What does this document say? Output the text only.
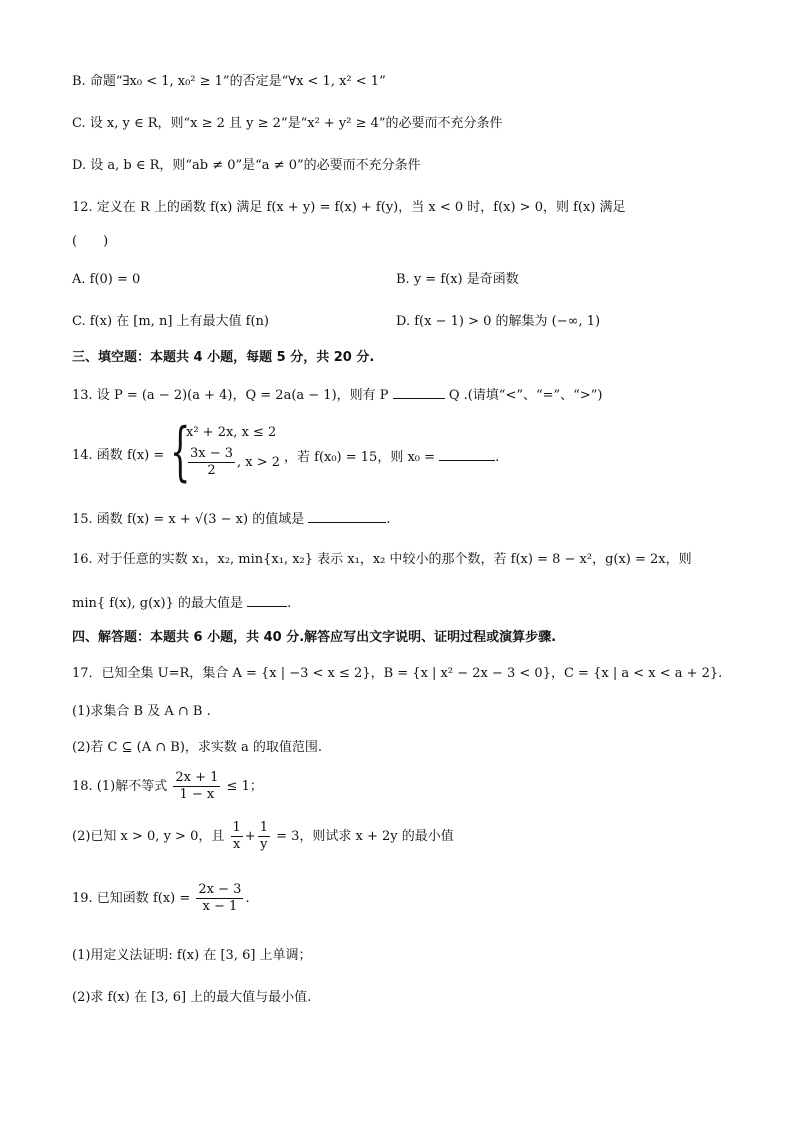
B. 命题“∃x₀ < 1, x₀² ≥ 1”的否定是“∀x < 1, x² < 1”
C. 设 x, y ∈ R，则“x ≥ 2 且 y ≥ 2”是“x² + y² ≥ 4”的必要而不充分条件
D. 设 a, b ∈ R，则“ab ≠ 0”是“a ≠ 0”的必要而不充分条件
12. 定义在 R 上的函数 f(x) 满足 f(x + y) = f(x) + f(y)，当 x < 0 时，f(x) > 0，则 f(x) 满足
(　　)
A. f(0) = 0	B. y = f(x) 是奇函数
C. f(x) 在 [m, n] 上有最大值 f(n)	D. f(x − 1) > 0 的解集为 (−∞, 1)
三、填空题：本题共 4 小题，每题 5 分，共 20 分.
13. 设 P = (a − 2)(a + 4)，Q = 2a(a − 1)，则有 P	Q .(请填“<”、“=”、“>”)
14. 函数 f(x) = {
x² + 2x, x ≤ 2
$\frac{3x - 3}{2}$ , x > 2 ，若 f(x₀) = 15，则 x₀ =	.
15. 函数 f(x) = x + √(3 − x) 的值域是	.
16. 对于任意的实数 x₁，x₂, min{x₁, x₂} 表示 x₁，x₂ 中较小的那个数，若 f(x) = 8 − x²，g(x) = 2x，则
min{ f(x), g(x)} 的最大值是	.
四、解答题：本题共 6 小题，共 40 分.解答应写出文字说明、证明过程或演算步骤.
17．已知全集 U=R，集合 A = {x | −3 < x ≤ 2}，B = {x | x² − 2x − 3 < 0}，C = {x | a < x < a + 2}.
(1)求集合 B 及 A ∩ B .
(2)若 C ⊆ (A ∩ B)，求实数 a 的取值范围.
18. (1)解不等式 $\frac{2x + 1}{1 - x} \le 1$；
(2)已知 x > 0, y > 0，且 $\frac{1}{x} + \frac{1}{y} = 3$，则试求 x + 2y 的最小值
19. 已知函数 $f(x) = \frac{2x - 3}{x - 1}$ .
(1)用定义法证明: f(x) 在 [3, 6] 上单调；
(2)求 f(x) 在 [3, 6] 上的最大值与最小值.
